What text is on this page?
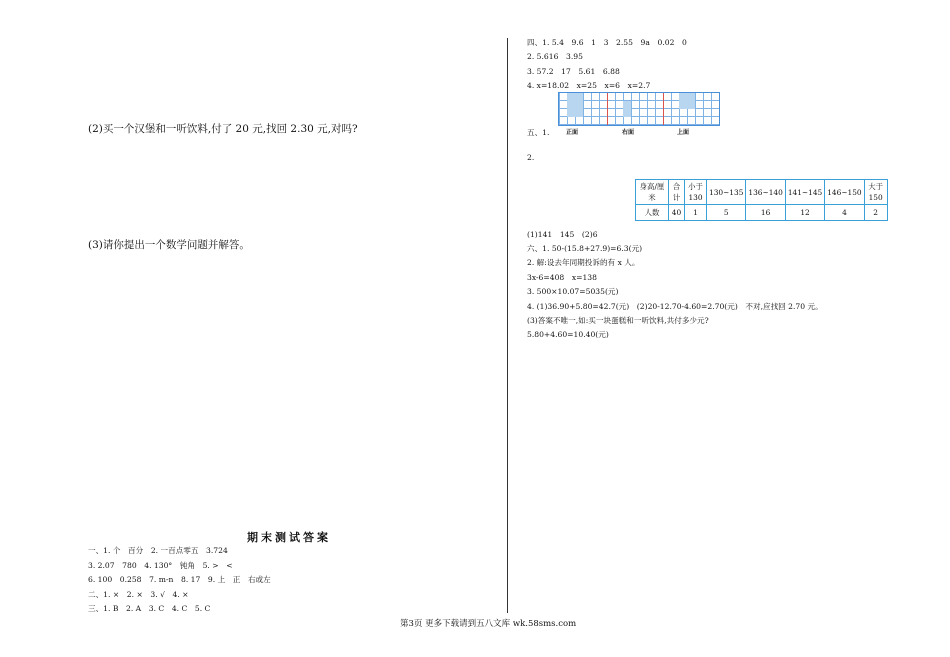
(2)买一个汉堡和一听饮料,付了 20 元,找回 2.30 元,对吗?
(3)请你提出一个数学问题并解答。
期末测试答案
一、1. 个　百分　2. 一百点零五　3.724
3. 2.07　780　4. 130°　钝角　5. >　<
6. 100　0.258　7. m-n　8. 17　9. 上　正　右或左
二、1. ×　2. ×　3. √　4. ×
三、1. B　2. A　3. C　4. C　5. C
四、1. 5.4　9.6　1　3　2.55　9a　0.02　0
2. 5.616　3.95
3. 57.2　17　5.61　6.88
4. x=18.02　x=25　x=6　x=2.7
五、1.	正面	右面	上面
2.
身高/厘米	合计	小于130	130~135	136~140	141~145	146~150	大于150
人数	40	1	5	16	12	4	2
(1)141　145　(2)6
六、1. 50-(15.8+27.9)=6.3(元)
2. 解:设去年同期投诉的有 x 人。
3x-6=408　x=138
3. 500×10.07=5035(元)
4. (1)36.90+5.80=42.7(元)　(2)20-12.70-4.60=2.70(元)　不对,应找回 2.70 元。
(3)答案不唯一,如:买一块蛋糕和一听饮料,共付多少元?
5.80+4.60=10.40(元)
第3页 更多下载请到五八文库 wk.58sms.com
